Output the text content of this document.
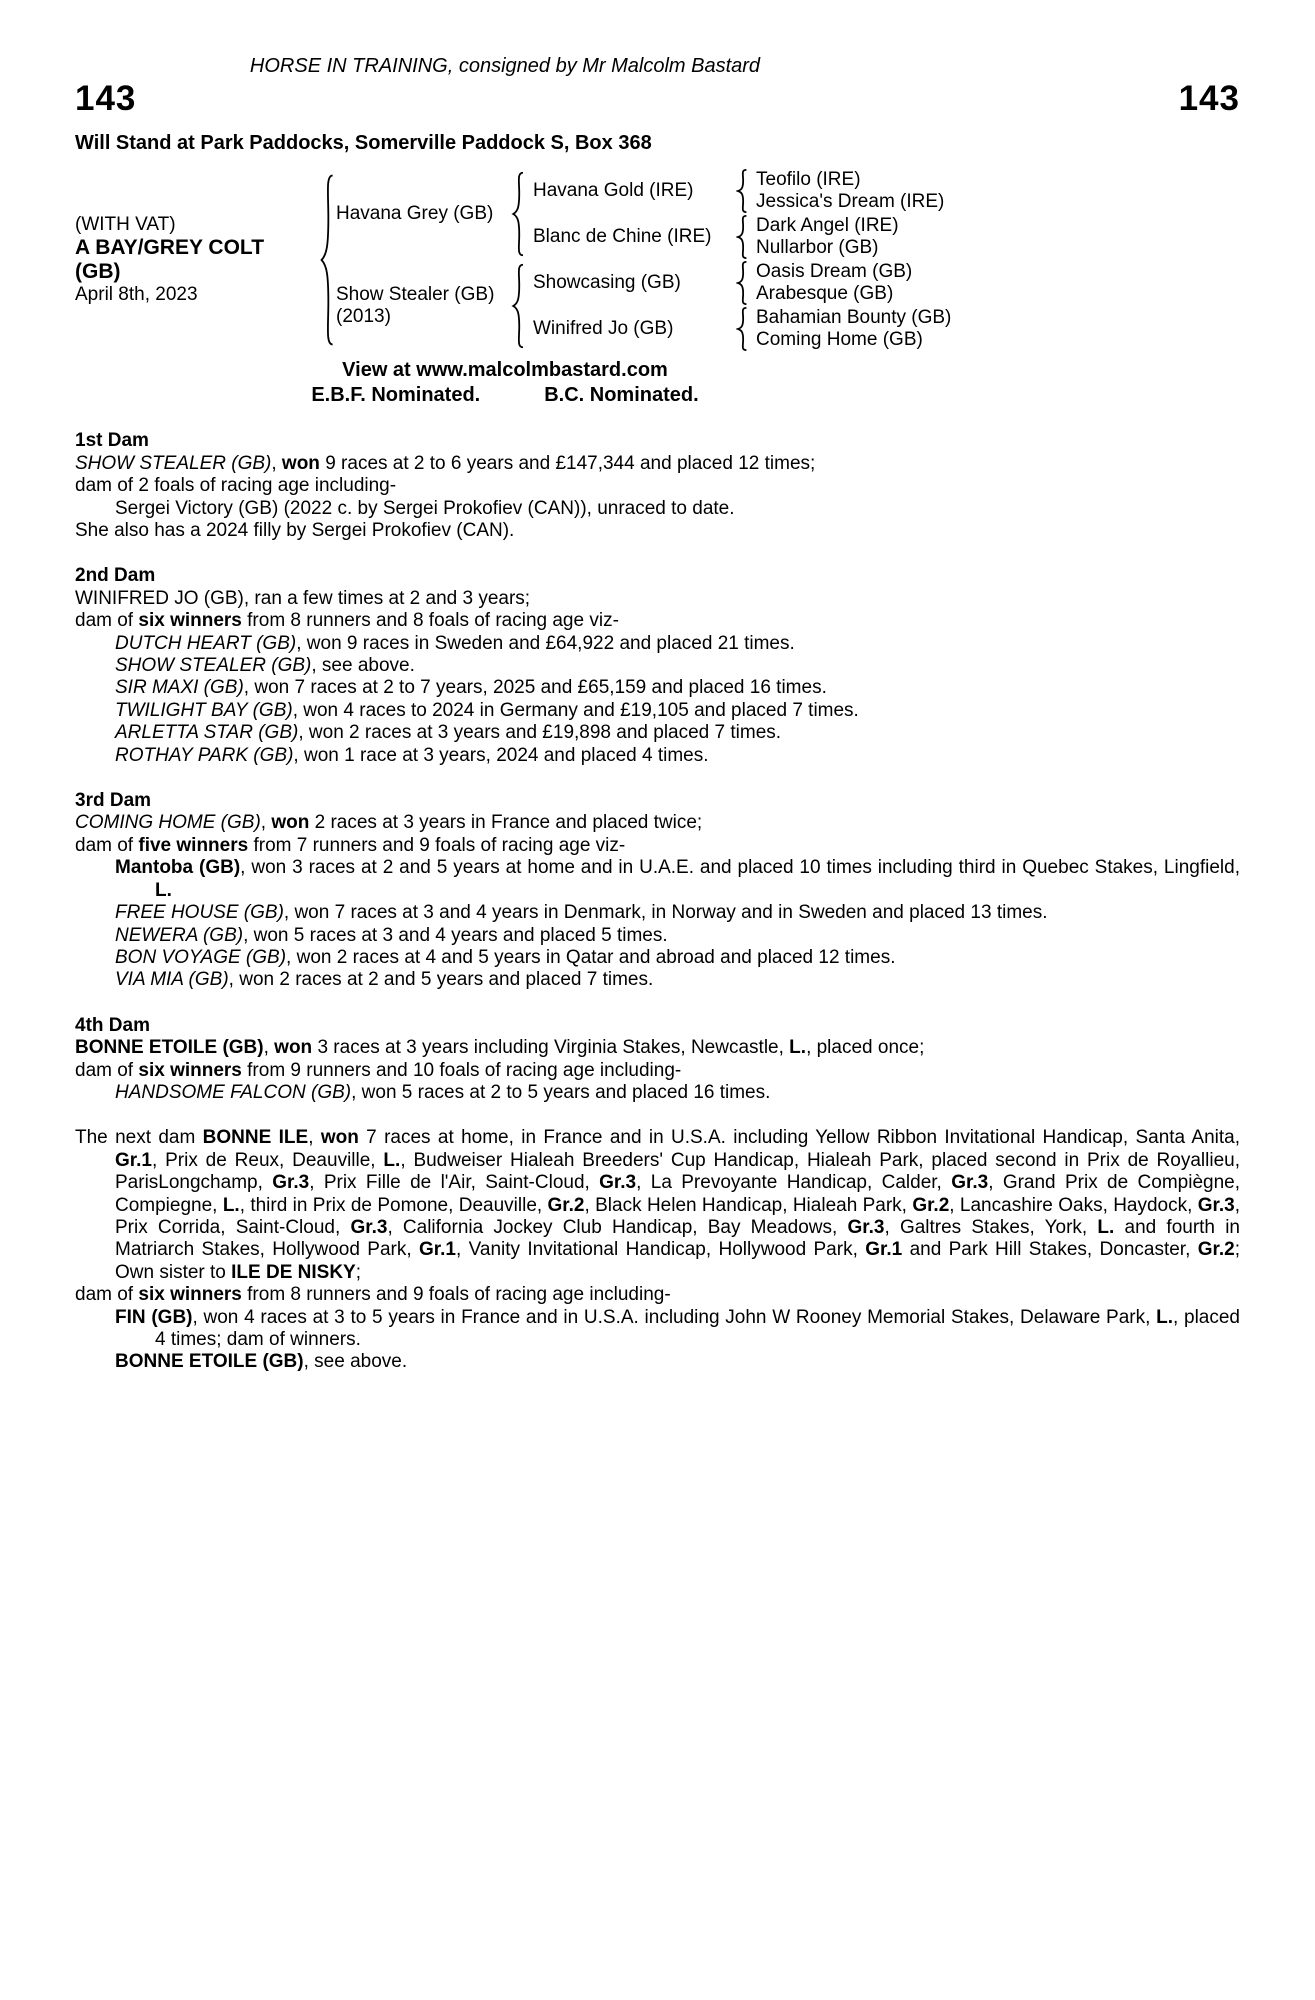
HORSE IN TRAINING, consigned by Mr Malcolm Bastard
143	143
Will Stand at Park Paddocks, Somerville Paddock S, Box 368
(WITH VAT)
A BAY/GREY COLT
(GB)
April 8th, 2023
Havana Grey (GB)
Havana Gold (IRE)
Teofilo (IRE)
Jessica's Dream (IRE)
Blanc de Chine (IRE)
Dark Angel (IRE)
Nullarbor (GB)
Show Stealer (GB)
(2013)
Showcasing (GB)
Oasis Dream (GB)
Arabesque (GB)
Winifred Jo (GB)
Bahamian Bounty (GB)
Coming Home (GB)
View at www.malcolmbastard.com
E.B.F. Nominated.	B.C. Nominated.

1st Dam

SHOW STEALER (GB), won 9 races at 2 to 6 years and £147,344 and placed 12 times;

dam of 2 foals of racing age including-

Sergei Victory (GB) (2022 c. by Sergei Prokofiev (CAN)), unraced to date.

She also has a 2024 filly by Sergei Prokofiev (CAN).

2nd Dam

WINIFRED JO (GB), ran a few times at 2 and 3 years;

dam of six winners from 8 runners and 8 foals of racing age viz-

DUTCH HEART (GB), won 9 races in Sweden and £64,922 and placed 21 times.

SHOW STEALER (GB), see above.

SIR MAXI (GB), won 7 races at 2 to 7 years, 2025 and £65,159 and placed 16 times.

TWILIGHT BAY (GB), won 4 races to 2024 in Germany and £19,105 and placed 7 times.

ARLETTA STAR (GB), won 2 races at 3 years and £19,898 and placed 7 times.

ROTHAY PARK (GB), won 1 race at 3 years, 2024 and placed 4 times.

3rd Dam

COMING HOME (GB), won 2 races at 3 years in France and placed twice;

dam of five winners from 7 runners and 9 foals of racing age viz-

Mantoba (GB), won 3 races at 2 and 5 years at home and in U.A.E. and placed 10 times including third in Quebec Stakes, Lingfield, L.

FREE HOUSE (GB), won 7 races at 3 and 4 years in Denmark, in Norway and in Sweden and placed 13 times.

NEWERA (GB), won 5 races at 3 and 4 years and placed 5 times.

BON VOYAGE (GB), won 2 races at 4 and 5 years in Qatar and abroad and placed 12 times.

VIA MIA (GB), won 2 races at 2 and 5 years and placed 7 times.

4th Dam

BONNE ETOILE (GB), won 3 races at 3 years including Virginia Stakes, Newcastle, L., placed once;

dam of six winners from 9 runners and 10 foals of racing age including-

HANDSOME FALCON (GB), won 5 races at 2 to 5 years and placed 16 times.

The next dam BONNE ILE, won 7 races at home, in France and in U.S.A. including Yellow Ribbon Invitational Handicap, Santa Anita, Gr.1, Prix de Reux, Deauville, L., Budweiser Hialeah Breeders' Cup Handicap, Hialeah Park, placed second in Prix de Royallieu, ParisLongchamp, Gr.3, Prix Fille de l'Air, Saint-Cloud, Gr.3, La Prevoyante Handicap, Calder, Gr.3, Grand Prix de Compiègne, Compiegne, L., third in Prix de Pomone, Deauville, Gr.2, Black Helen Handicap, Hialeah Park, Gr.2, Lancashire Oaks, Haydock, Gr.3, Prix Corrida, Saint-Cloud, Gr.3, California Jockey Club Handicap, Bay Meadows, Gr.3, Galtres Stakes, York, L. and fourth in Matriarch Stakes, Hollywood Park, Gr.1, Vanity Invitational Handicap, Hollywood Park, Gr.1 and Park Hill Stakes, Doncaster, Gr.2; Own sister to ILE DE NISKY;

dam of six winners from 8 runners and 9 foals of racing age including-

FIN (GB), won 4 races at 3 to 5 years in France and in U.S.A. including John W Rooney Memorial Stakes, Delaware Park, L., placed 4 times; dam of winners.

BONNE ETOILE (GB), see above.
